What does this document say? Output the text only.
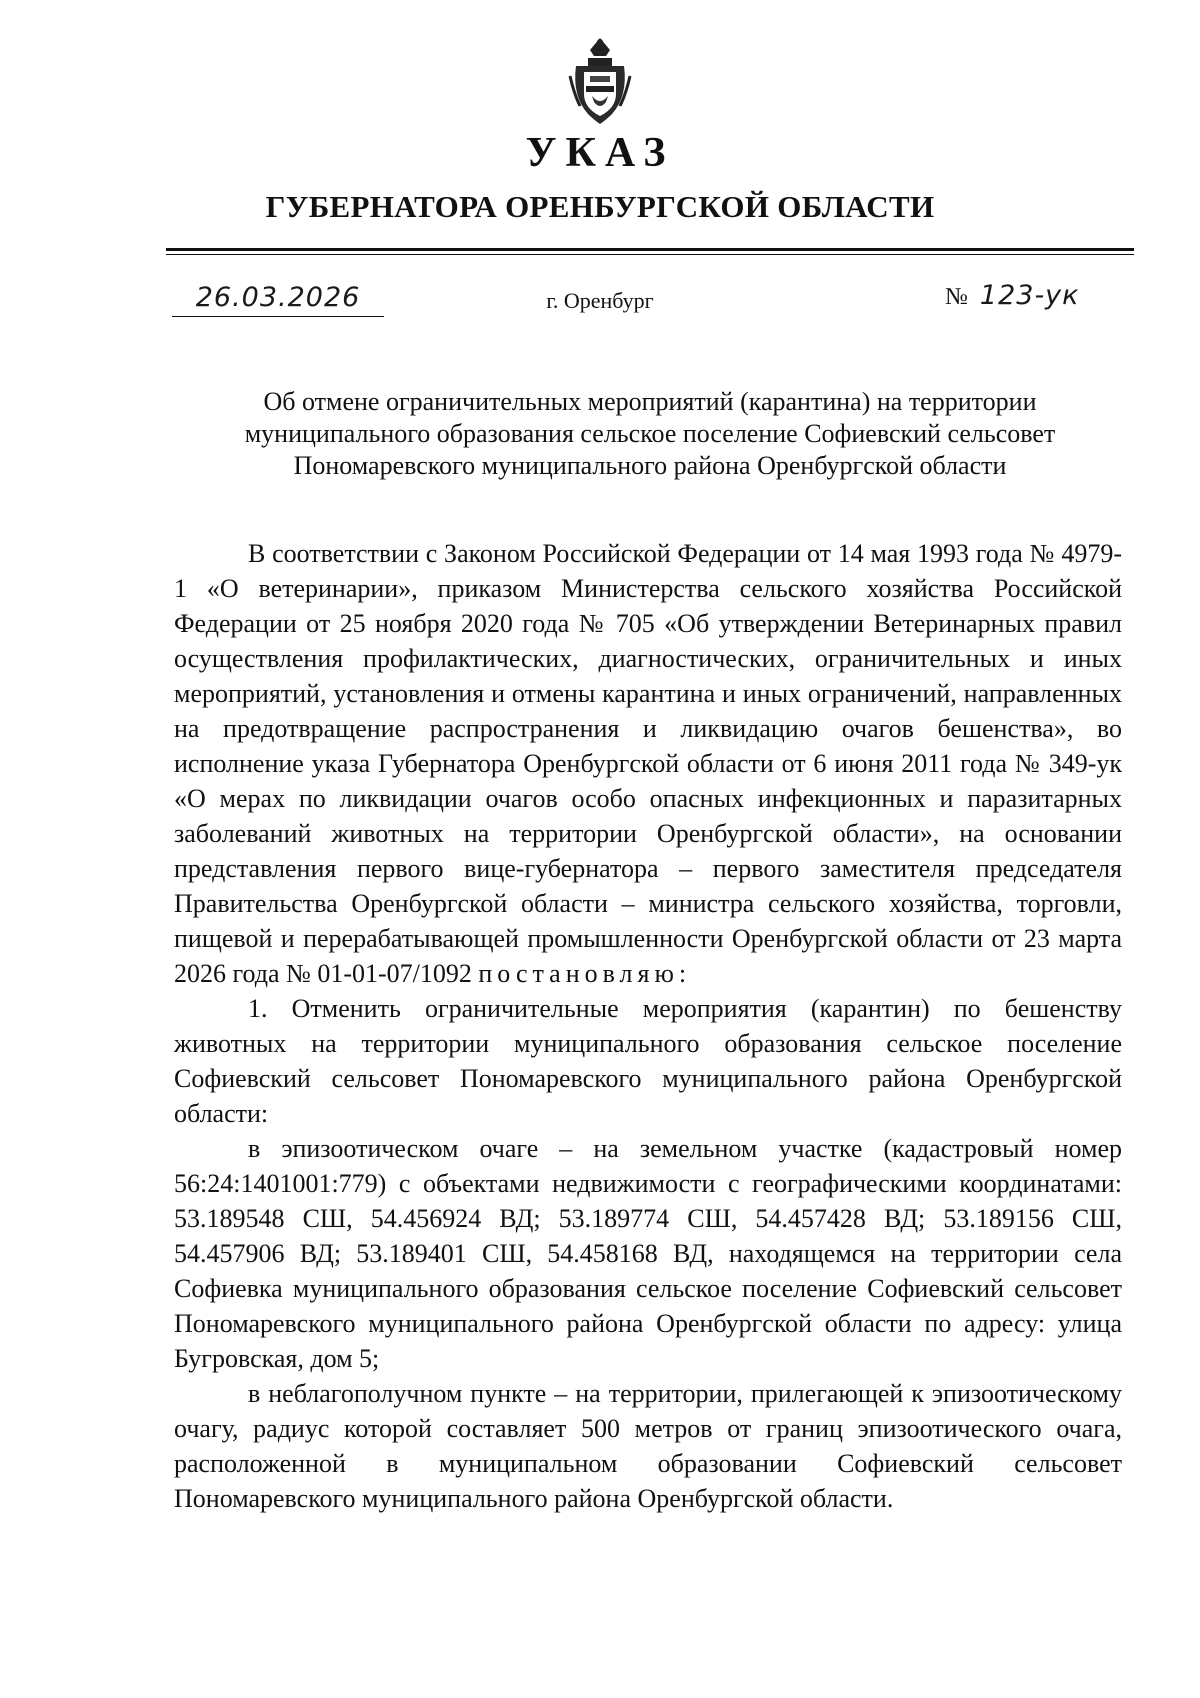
УКАЗ
ГУБЕРНАТОРА ОРЕНБУРГСКОЙ ОБЛАСТИ
26.03.2026	г. Оренбург	№ 123-ук
Об отмене ограничительных мероприятий (карантина) на территории
муниципального образования сельское поселение Софиевский сельсовет
Пономаревского муниципального района Оренбургской области

В соответствии с Законом Российской Федерации от 14 мая 1993 года № 4979-1 «О ветеринарии», приказом Министерства сельского хозяйства Российской Федерации от 25 ноября 2020 года № 705 «Об утверждении Ветеринарных правил осуществления профилактических, диагностических, ограничительных и иных мероприятий, установления и отмены карантина и иных ограничений, направленных на предотвращение распространения и ликвидацию очагов бешенства», во исполнение указа Губернатора Оренбургской области от 6 июня 2011 года № 349-ук «О мерах по ликвидации очагов особо опасных инфекционных и паразитарных заболеваний животных на территории Оренбургской области», на основании представления первого вице-губернатора – первого заместителя председателя Правительства Оренбургской области – министра сельского хозяйства, торговли, пищевой и перерабатывающей промышленности Оренбургской области от 23 марта 2026 года № 01-01-07/1092 постановляю:

1. Отменить ограничительные мероприятия (карантин) по бешенству животных на территории муниципального образования сельское поселение Софиевский сельсовет Пономаревского муниципального района Оренбургской области:

в эпизоотическом очаге – на земельном участке (кадастровый номер 56:24:1401001:779) с объектами недвижимости с географическими координатами: 53.189548 СШ, 54.456924 ВД; 53.189774 СШ, 54.457428 ВД; 53.189156 СШ, 54.457906 ВД; 53.189401 СШ, 54.458168 ВД, находящемся на территории села Софиевка муниципального образования сельское поселение Софиевский сельсовет Пономаревского муниципального района Оренбургской области по адресу: улица Бугровская, дом 5;

в неблагополучном пункте – на территории, прилегающей к эпизоотическому очагу, радиус которой составляет 500 метров от границ эпизоотического очага, расположенной в муниципальном образовании Софиевский сельсовет Пономаревского муниципального района Оренбургской области.
